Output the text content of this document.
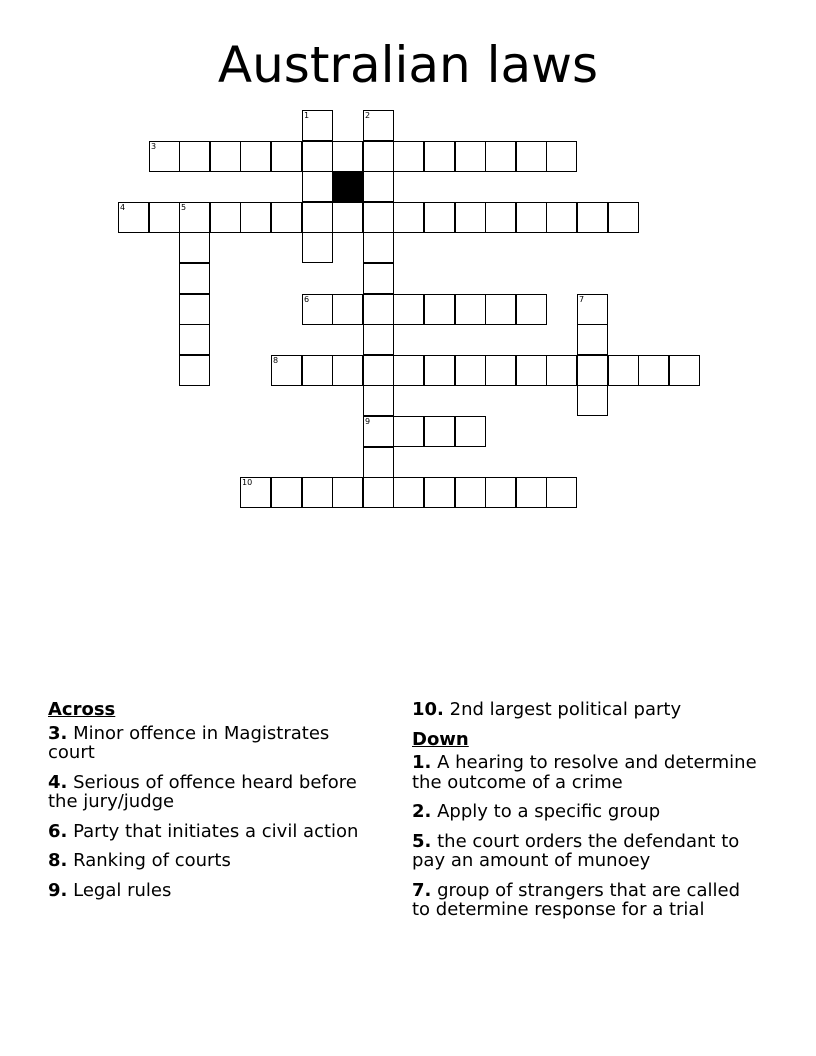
Australian laws
1	2
3
4	5
6	7
8
9
10
Across
3. Minor offence in Magistrates court
4. Serious of offence heard before the jury/judge
6. Party that initiates a civil action
8. Ranking of courts
9. Legal rules
10. 2nd largest political party
Down
1. A hearing to resolve and determine the outcome of a crime
2. Apply to a specific group
5. the court orders the defendant to pay an amount of munoey
7. group of strangers that are called to determine response for a trial
